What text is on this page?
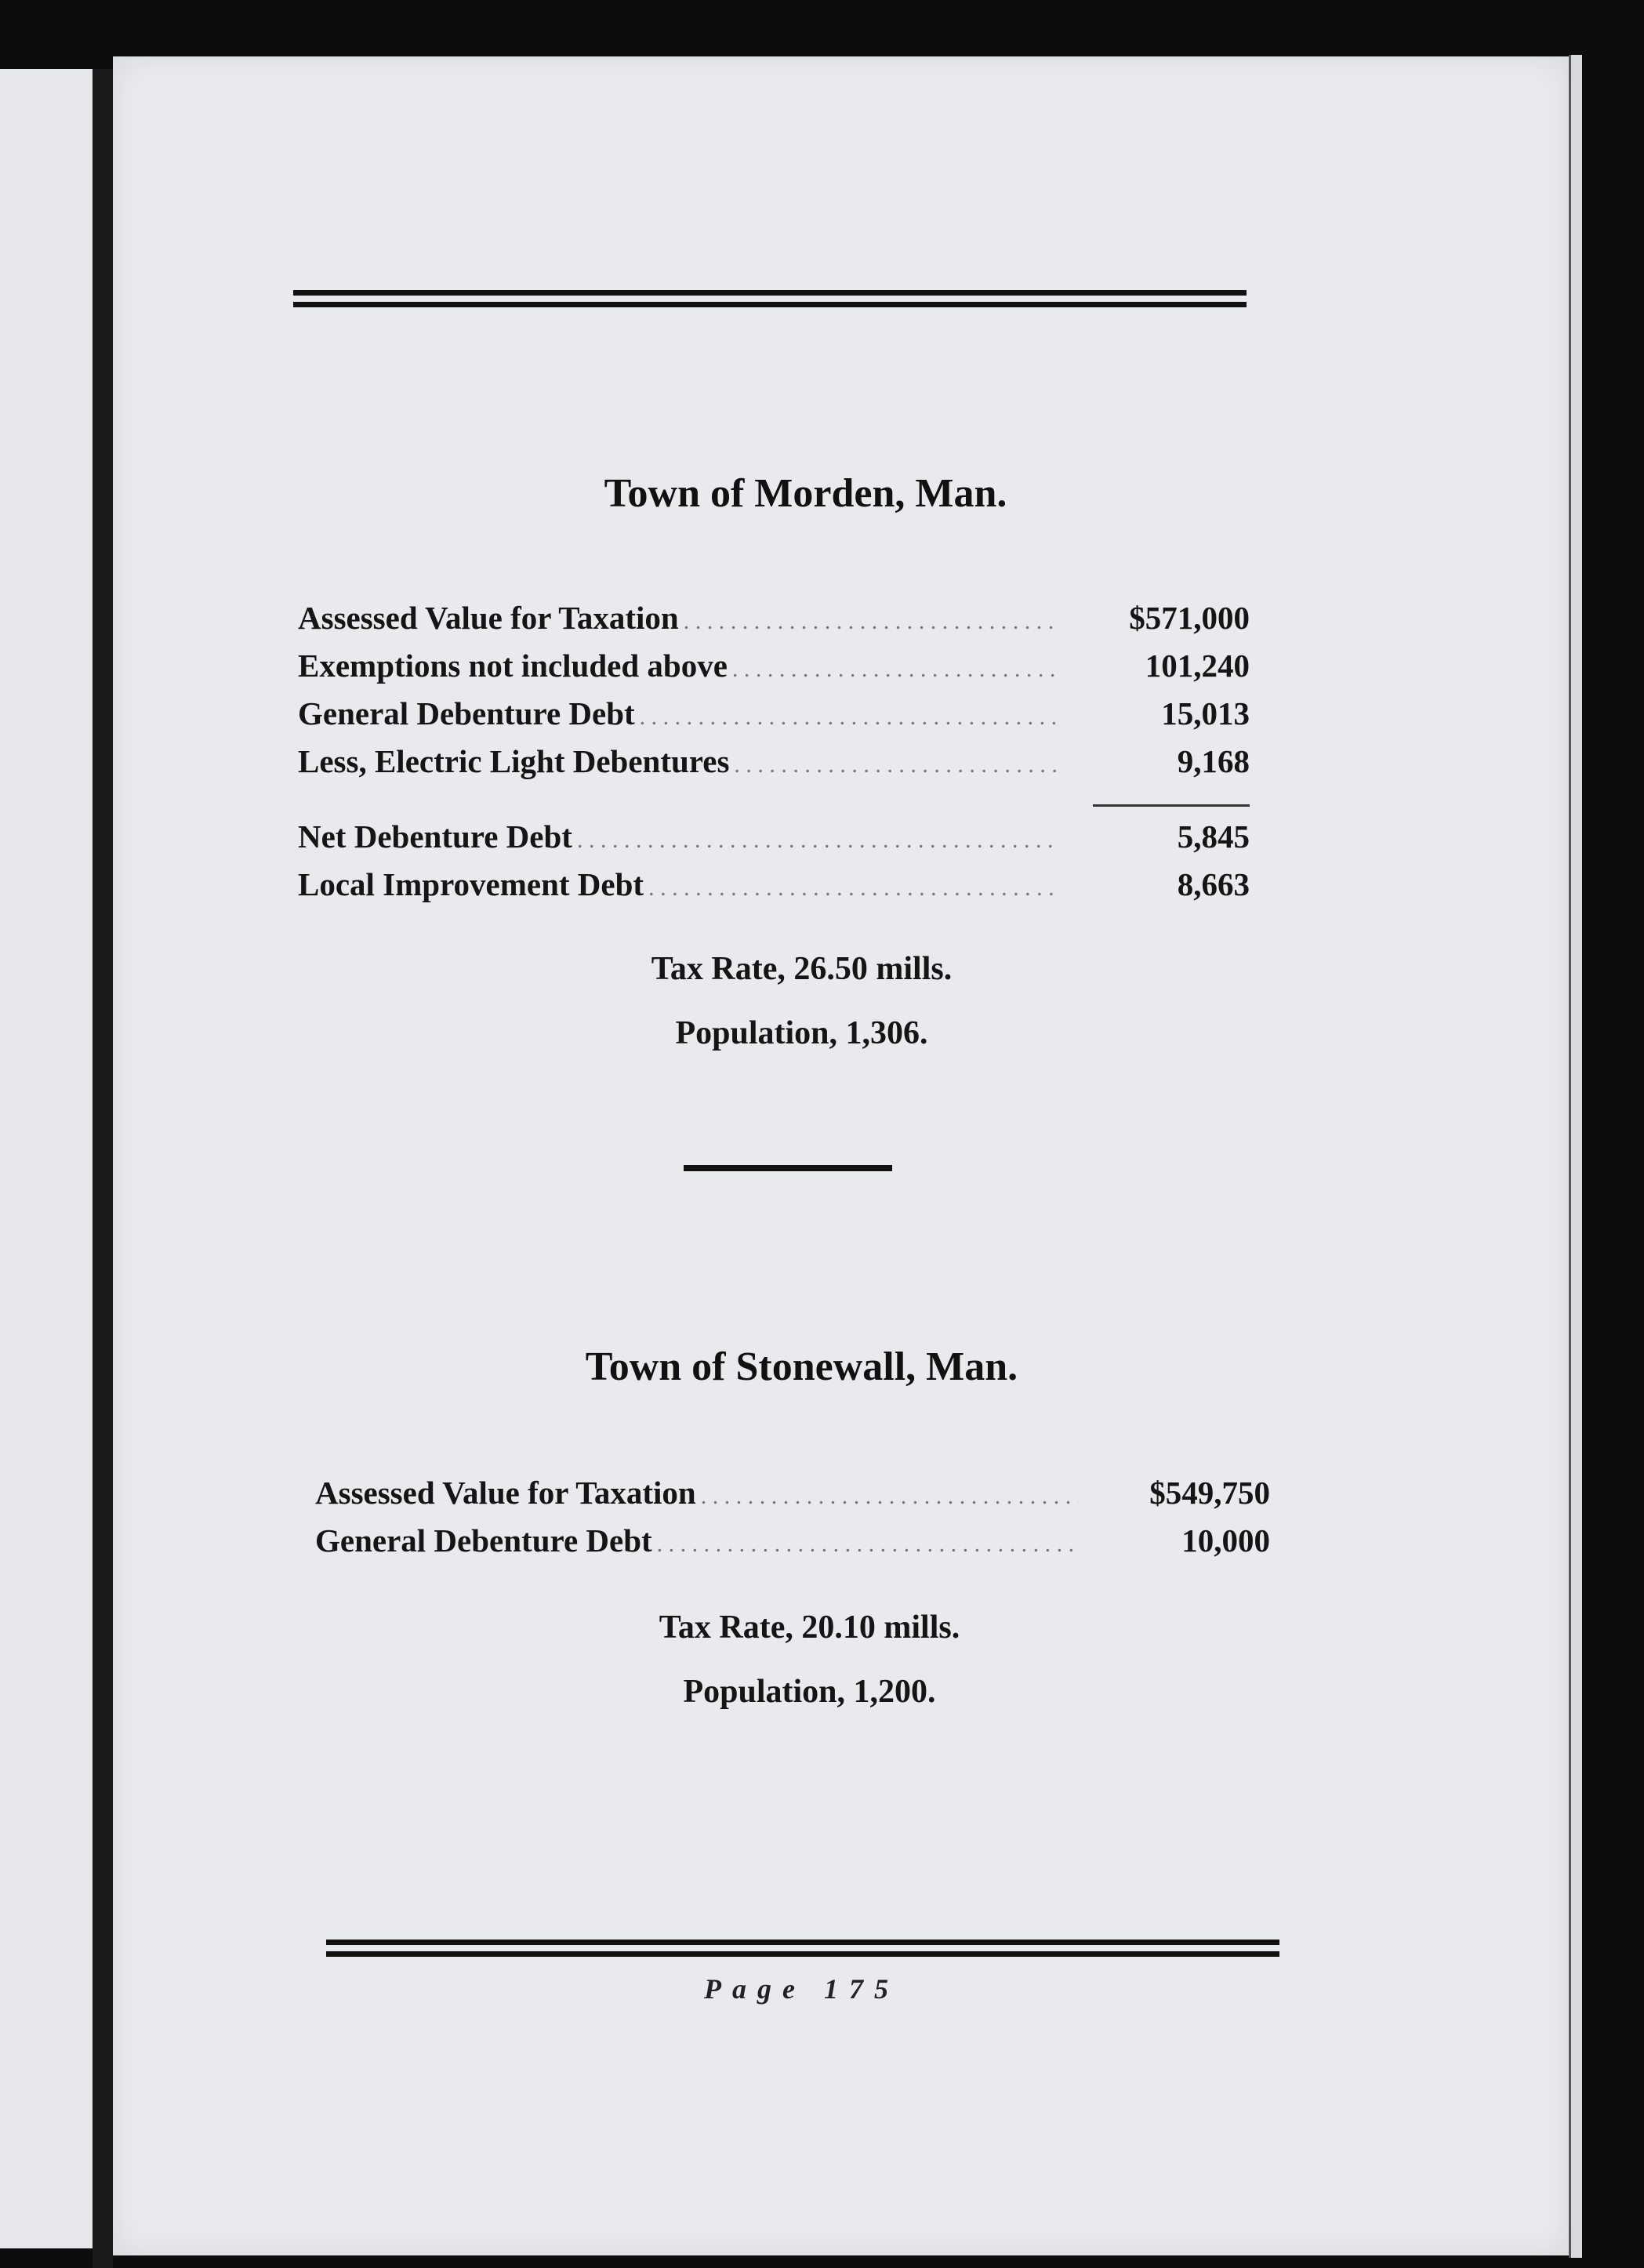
Town of Morden, Man.
Assessed Value for Taxation . . .	$571,000
Exemptions not included above . . .	101,240
General Debenture Debt . . .	15,013
Less, Electric Light Debentures . . .	9,168
Net Debenture Debt . . .	5,845
Local Improvement Debt . . .	8,663

Tax Rate, 26.50 mills.

Population, 1,306.

Town of Stonewall, Man.
Assessed Value for Taxation . . .	$549,750
General Debenture Debt . . .	10,000

Tax Rate, 20.10 mills.

Population, 1,200.

Page 175
